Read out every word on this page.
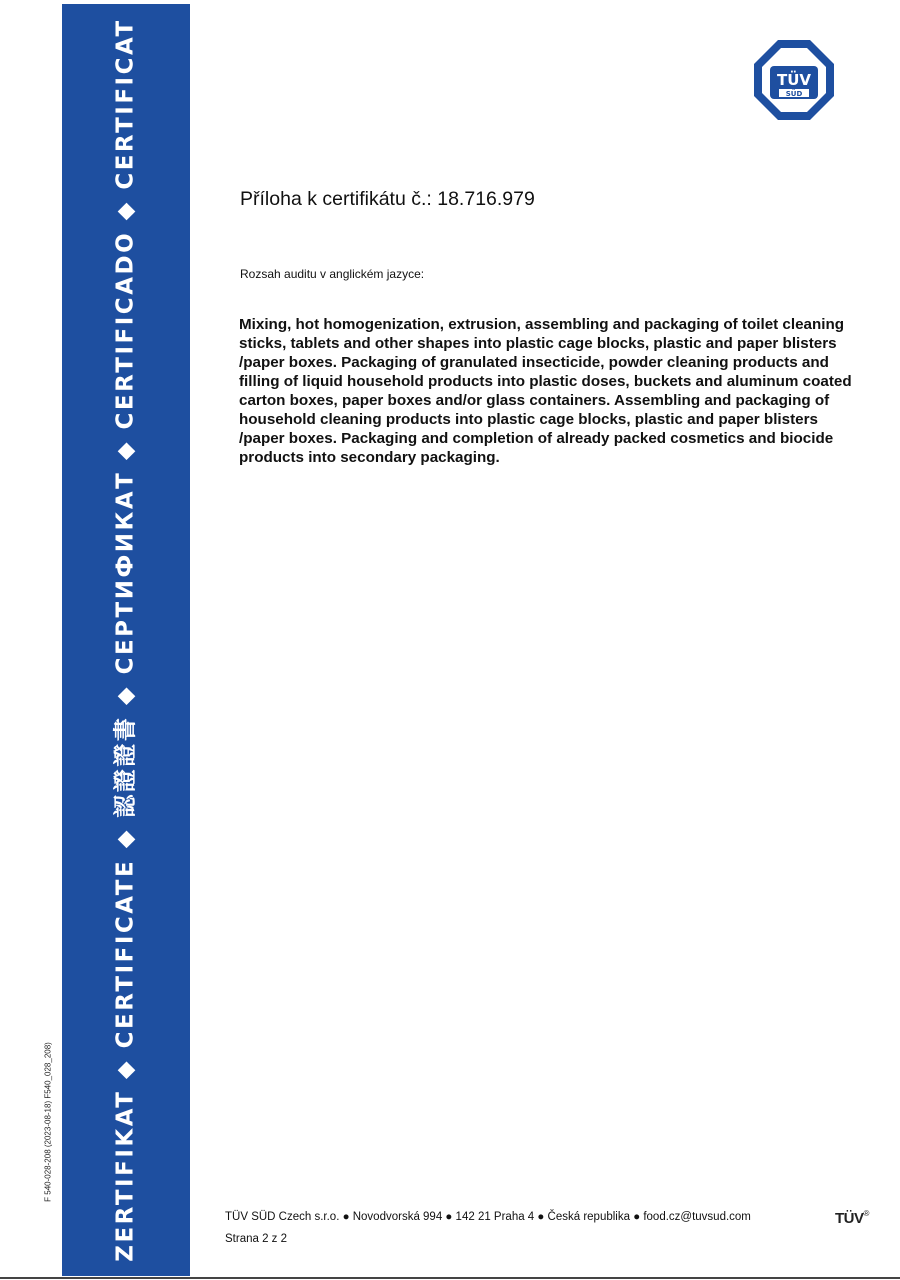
ZERTIFIKAT ◆ CERTIFICATE ◆ 認證證書 ◆ СЕРТИФИКАТ ◆ CERTIFICADO ◆ CERTIFICAT
F 540-028-208 (2023-08-18) F540_028_208)
TÜV
SÜD
Příloha k certifikátu č.: 18.716.979
Rozsah auditu v anglickém jazyce:

Mixing, hot homogenization, extrusion, assembling and packaging of toilet cleaning sticks, tablets and other shapes into plastic cage blocks, plastic and paper blisters /paper boxes. Packaging of granulated insecticide, powder cleaning products and filling of liquid household products into plastic doses, buckets and aluminum coated carton boxes, paper boxes and/or glass containers. Assembling and packaging of household cleaning products into plastic cage blocks, plastic and paper blisters /paper boxes. Packaging and completion of already packed cosmetics and biocide products into secondary packaging.

TÜV SÜD Czech s.r.o. ● Novodvorská 994 ● 142 21 Praha 4 ● Česká republika ● food.cz@tuvsud.com
Strana 2 z 2
TÜV®
